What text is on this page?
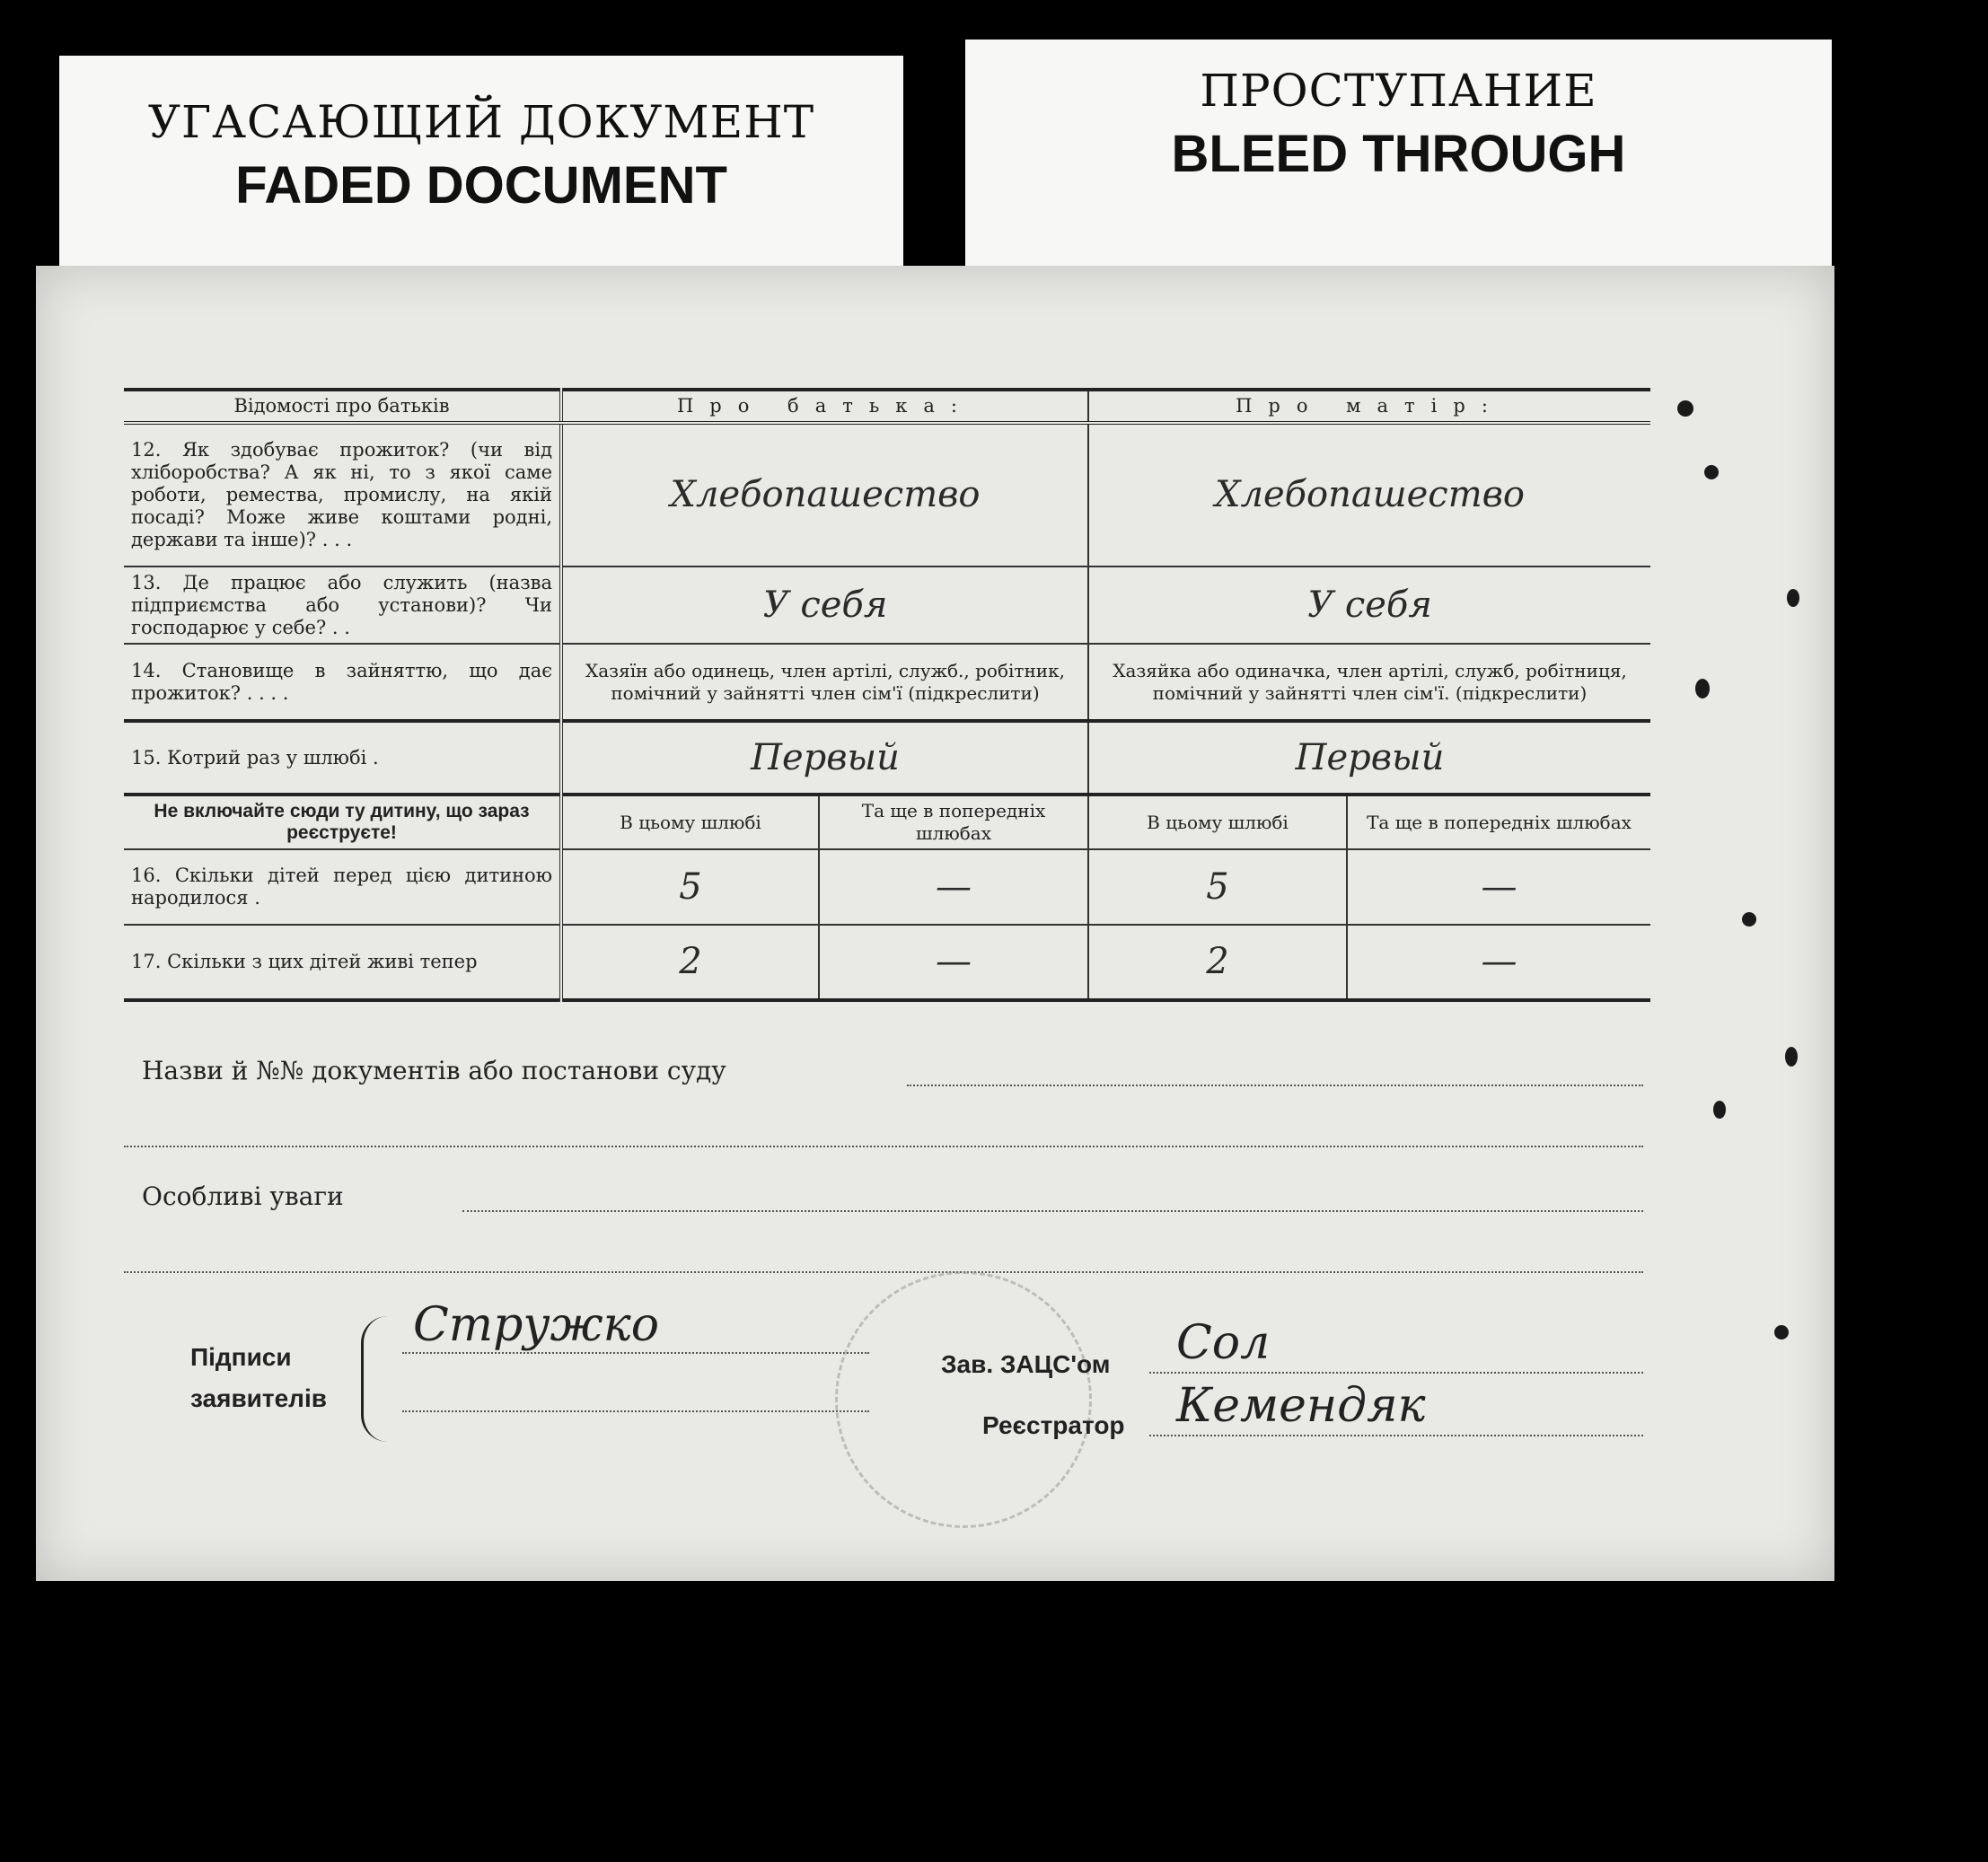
УГАСАЮЩИЙ ДОКУМЕНТ
FADED DOCUMENT
ПРОСТУПАНИЕ
BLEED THROUGH
Відомості про батьків	Про батька:		Про матір:	
12. Як здобуває прожиток? (чи від хліборобства? А як ні, то з якої саме роботи, ремества, промислу, на якій посаді? Може живе коштами родні, держави та інше)? . . .	Хлебопашество		Хлебопашество	
13. Де працює або служить (назва підприємства або установи)? Чи господарює у себе? . .	У себя		У себя	
14. Становище в зайняттю, що дає прожиток? . . . .	Хазяїн або одинець, член артілі, служб., робітник, помічний у зайнятті член сім'ї (підкреслити)		Хазяйка або одиначка, член артілі, служб, робітниця, помічний у зайнятті член сім'ї. (підкреслити)	
15. Котрий раз у шлюбі .	Первый		Первый	
Не включайте сюди ту дитину, що зараз реєструєте!	В цьому шлюбі	Та ще в попередніх шлюбах	В цьому шлюбі	Та ще в попередніх шлюбах
16. Скільки дітей перед цією дитиною народилося .	5	—	5	—
17. Скільки з цих дітей живі тепер	2	—	2	—
Назви й №№ документів або постанови суду
Особливі уваги
Підписи
заявителів
Стружко
Зав. ЗАЦС'ом Сол
Реєстратор Кемендяк
